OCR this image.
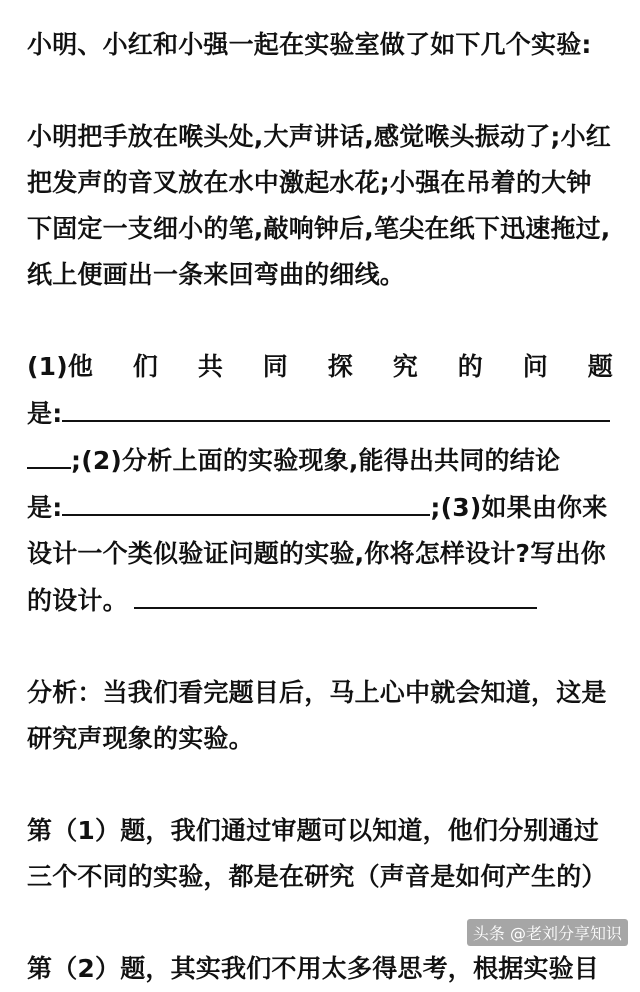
小明、小红和小强一起在实验室做了如下几个实验:

小明把手放在喉头处,大声讲话,感觉喉头振动了;小红
把发声的音叉放在水中激起水花;小强在吊着的大钟
下固定一支细小的笔,敲响钟后,笔尖在纸下迅速拖过,
纸上便画出一条来回弯曲的细线。

(1)他 们 共 同 探 究 的 问 题
是:
;(2)分析上面的实验现象,能得出共同的结论
是:	;(3)如果由你来
设计一个类似验证问题的实验,你将怎样设计?写出你
的设计。

分析：当我们看完题目后，马上心中就会知道，这是
研究声现象的实验。

第（1）题，我们通过审题可以知道，他们分别通过
三个不同的实验，都是在研究（声音是如何产生的）

第（2）题，其实我们不用太多得思考，根据实验目

头条 @老刘分享知识
